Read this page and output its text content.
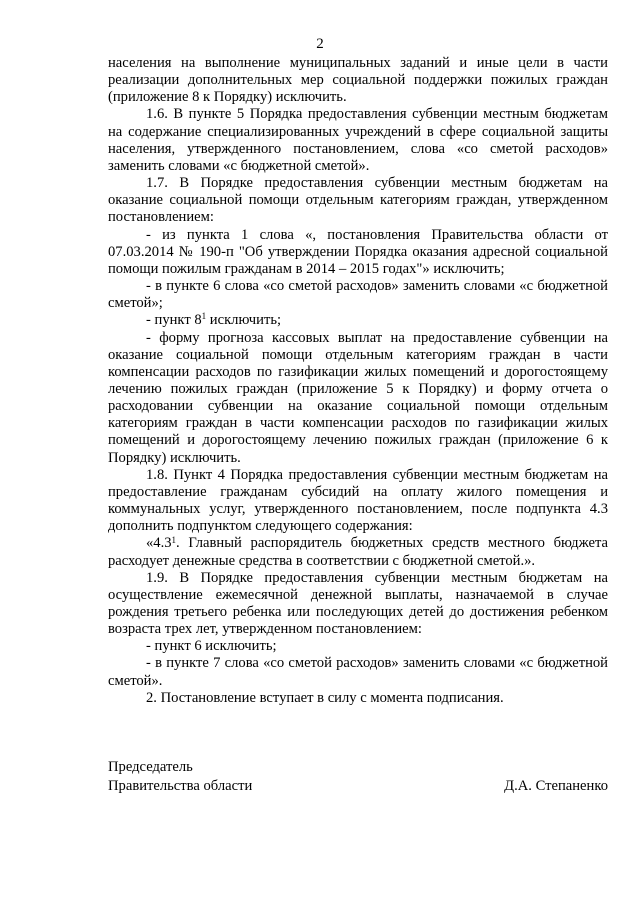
2

населения на выполнение муниципальных заданий и иные цели в части реализации дополнительных мер социальной поддержки пожилых граждан (приложение 8 к Порядку) исключить.

1.6. В пункте 5 Порядка предоставления субвенции местным бюджетам на содержание специализированных учреждений в сфере социальной защиты населения, утвержденного постановлением, слова «со сметой расходов» заменить словами «с бюджетной сметой».

1.7. В Порядке предоставления субвенции местным бюджетам на оказание социальной помощи отдельным категориям граждан, утвержденном постановлением:

- из пункта 1 слова «, постановления Правительства области от 07.03.2014 № 190-п "Об утверждении Порядка оказания адресной социальной помощи пожилым гражданам в 2014 – 2015 годах"» исключить;

- в пункте 6 слова «со сметой расходов» заменить словами «с бюджетной сметой»;

- пункт $8^1$ исключить;

- форму прогноза кассовых выплат на предоставление субвенции на оказание социальной помощи отдельным категориям граждан в части компенсации расходов по газификации жилых помещений и дорогостоящему лечению пожилых граждан (приложение 5 к Порядку) и форму отчета о расходовании субвенции на оказание социальной помощи отдельным категориям граждан в части компенсации расходов по газификации жилых помещений и дорогостоящему лечению пожилых граждан (приложение 6 к Порядку) исключить.

1.8. Пункт 4 Порядка предоставления субвенции местным бюджетам на предоставление гражданам субсидий на оплату жилого помещения и коммунальных услуг, утвержденного постановлением, после подпункта 4.3 дополнить подпунктом следующего содержания:

«$4.3^1$. Главный распорядитель бюджетных средств местного бюджета расходует денежные средства в соответствии с бюджетной сметой.».

1.9. В Порядке предоставления субвенции местным бюджетам на осуществление ежемесячной денежной выплаты, назначаемой в случае рождения третьего ребенка или последующих детей до достижения ребенком возраста трех лет, утвержденном постановлением:

- пункт 6 исключить;

- в пункте 7 слова «со сметой расходов» заменить словами «с бюджетной сметой».

2. Постановление вступает в силу с момента подписания.

Председатель
Правительства области	Д.А. Степаненко
